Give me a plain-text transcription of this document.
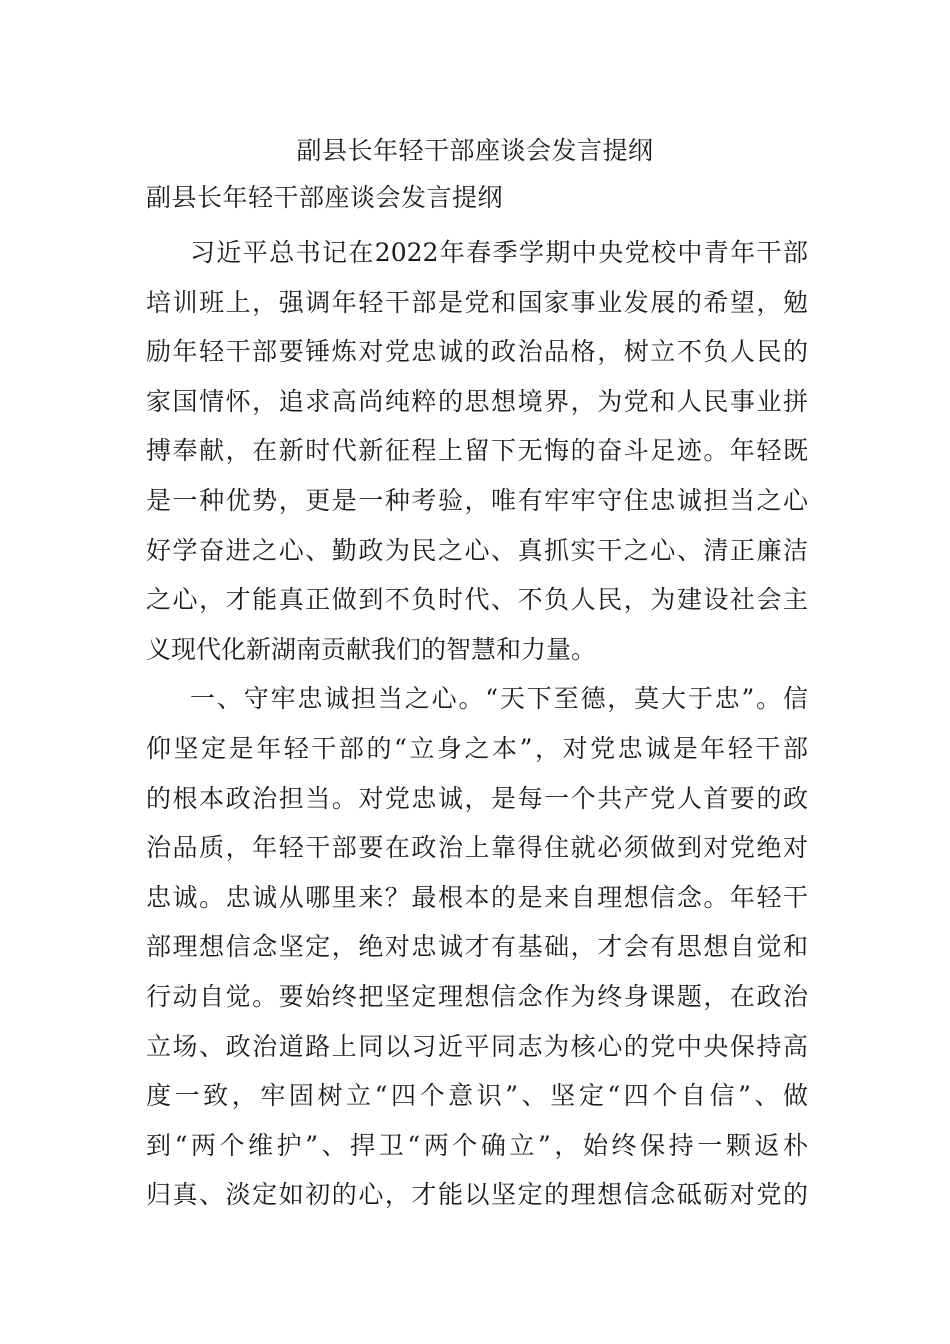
副县长年轻干部座谈会发言提纲
副县长年轻干部座谈会发言提纲
习近平总书记在2022年春季学期中央党校中青年干部
培训班上，强调年轻干部是党和国家事业发展的希望，勉
励年轻干部要锤炼对党忠诚的政治品格，树立不负人民的
家国情怀，追求高尚纯粹的思想境界，为党和人民事业拼
搏奉献，在新时代新征程上留下无悔的奋斗足迹。年轻既
是一种优势，更是一种考验，唯有牢牢守住忠诚担当之心
好学奋进之心、勤政为民之心、真抓实干之心、清正廉洁
之心，才能真正做到不负时代、不负人民，为建设社会主
义现代化新湖南贡献我们的智慧和力量。
一、守牢忠诚担当之心。“天下至德，莫大于忠”。信
仰坚定是年轻干部的“立身之本”，对党忠诚是年轻干部
的根本政治担当。对党忠诚，是每一个共产党人首要的政
治品质，年轻干部要在政治上靠得住就必须做到对党绝对
忠诚。忠诚从哪里来？最根本的是来自理想信念。年轻干
部理想信念坚定，绝对忠诚才有基础，才会有思想自觉和
行动自觉。要始终把坚定理想信念作为终身课题，在政治
立场、政治道路上同以习近平同志为核心的党中央保持高
度一致，牢固树立“四个意识”、坚定“四个自信”、做
到“两个维护”、捍卫“两个确立”，始终保持一颗返朴
归真、淡定如初的心，才能以坚定的理想信念砥砺对党的
